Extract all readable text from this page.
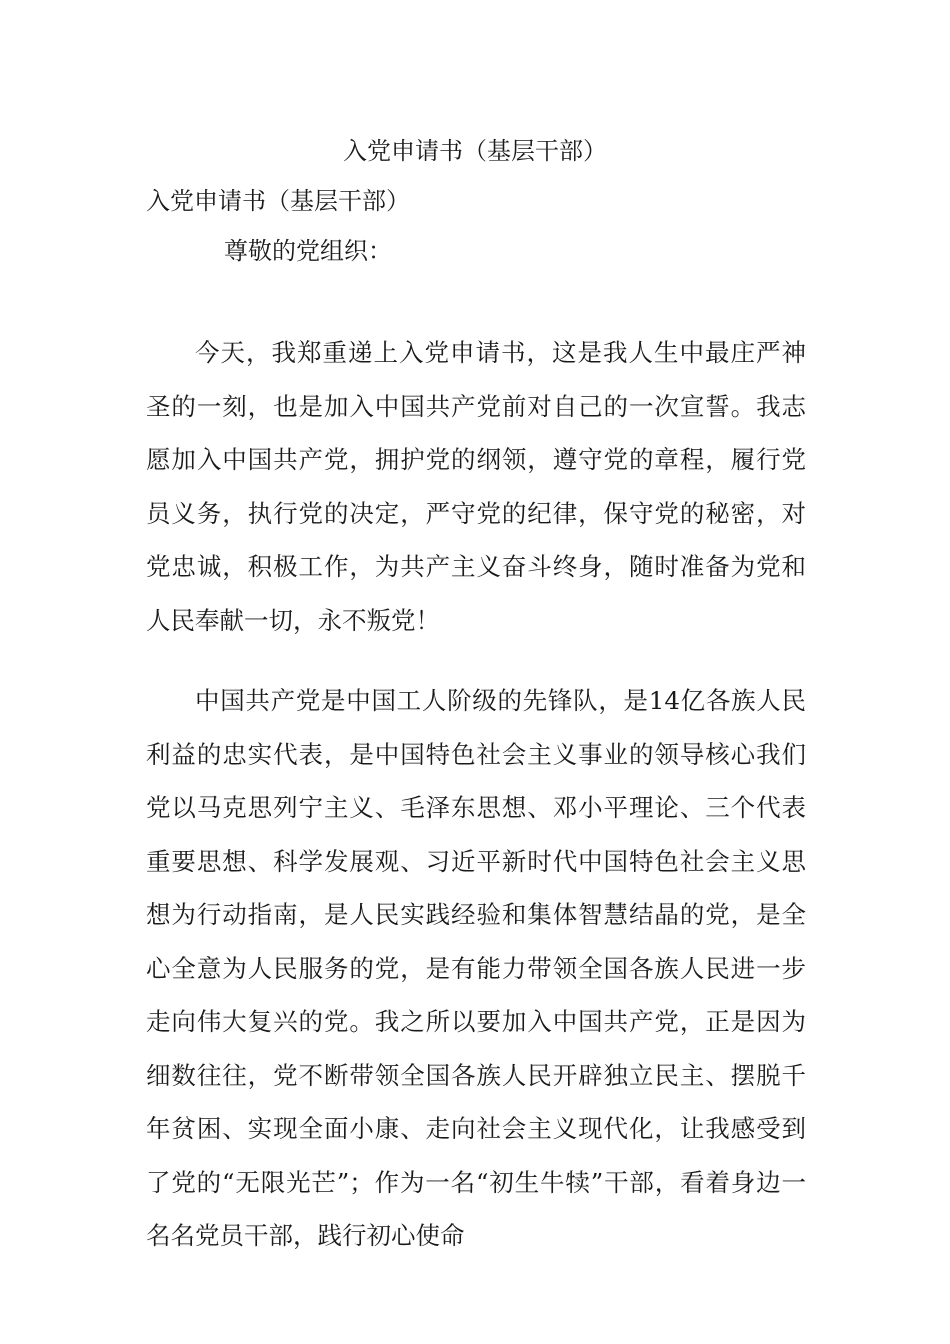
入党申请书（基层干部）
入党申请书（基层干部）
尊敬的党组织：

今天，我郑重递上入党申请书，这是我人生中最庄严神圣的一刻，也是加入中国共产党前对自己的一次宣誓。我志愿加入中国共产党，拥护党的纲领，遵守党的章程，履行党员义务，执行党的决定，严守党的纪律，保守党的秘密，对党忠诚，积极工作，为共产主义奋斗终身，随时准备为党和人民奉献一切，永不叛党！

中国共产党是中国工人阶级的先锋队，是14亿各族人民利益的忠实代表，是中国特色社会主义事业的领导核心我们党以马克思列宁主义、毛泽东思想、邓小平理论、三个代表重要思想、科学发展观、习近平新时代中国特色社会主义思想为行动指南，是人民实践经验和集体智慧结晶的党，是全心全意为人民服务的党，是有能力带领全国各族人民进一步走向伟大复兴的党。我之所以要加入中国共产党，正是因为细数往往，党不断带领全国各族人民开辟独立民主、摆脱千年贫困、实现全面小康、走向社会主义现代化，让我感受到了党的“无限光芒”；作为一名“初生牛犊”干部，看着身边一名名党员干部，践行初心使命
